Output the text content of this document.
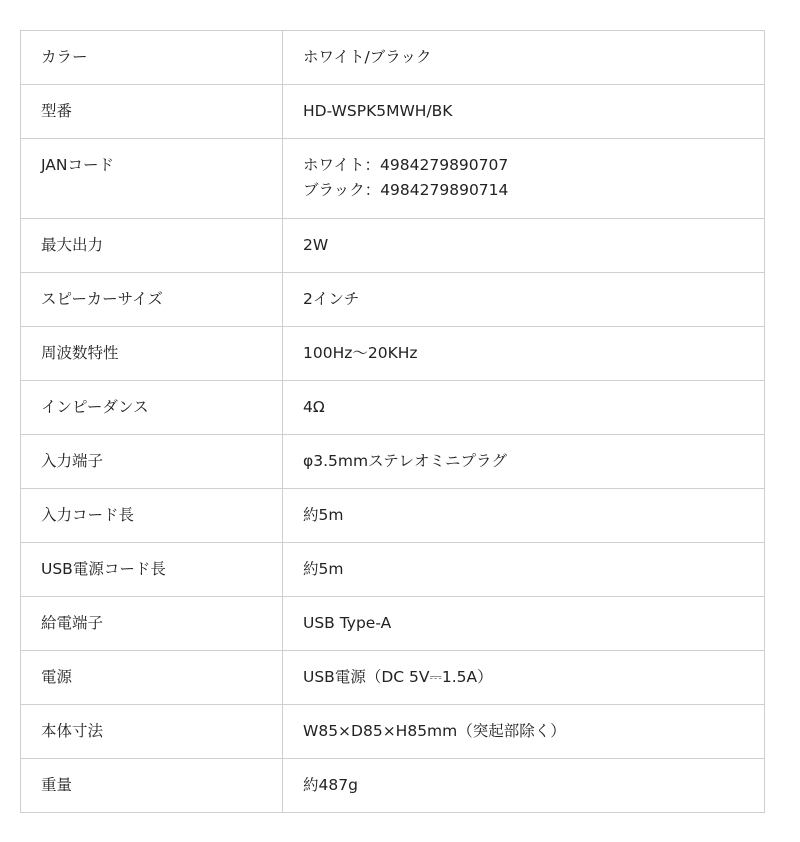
カラー	ホワイト/ブラック
型番	HD-WSPK5MWH/BK
JANコード	ホワイト：4984279890707
ブラック：4984279890714

最大出力	2W
スピーカーサイズ	2インチ
周波数特性	100Hz〜20KHz
インピーダンス	4Ω
入力端子	φ3.5mmステレオミニプラグ
入力コード長	約5m
USB電源コード長	約5m
給電端子	USB Type-A
電源	USB電源（DC 5V⎓1.5A）
本体寸法	W85×D85×H85mm（突起部除く）
重量	約487g
